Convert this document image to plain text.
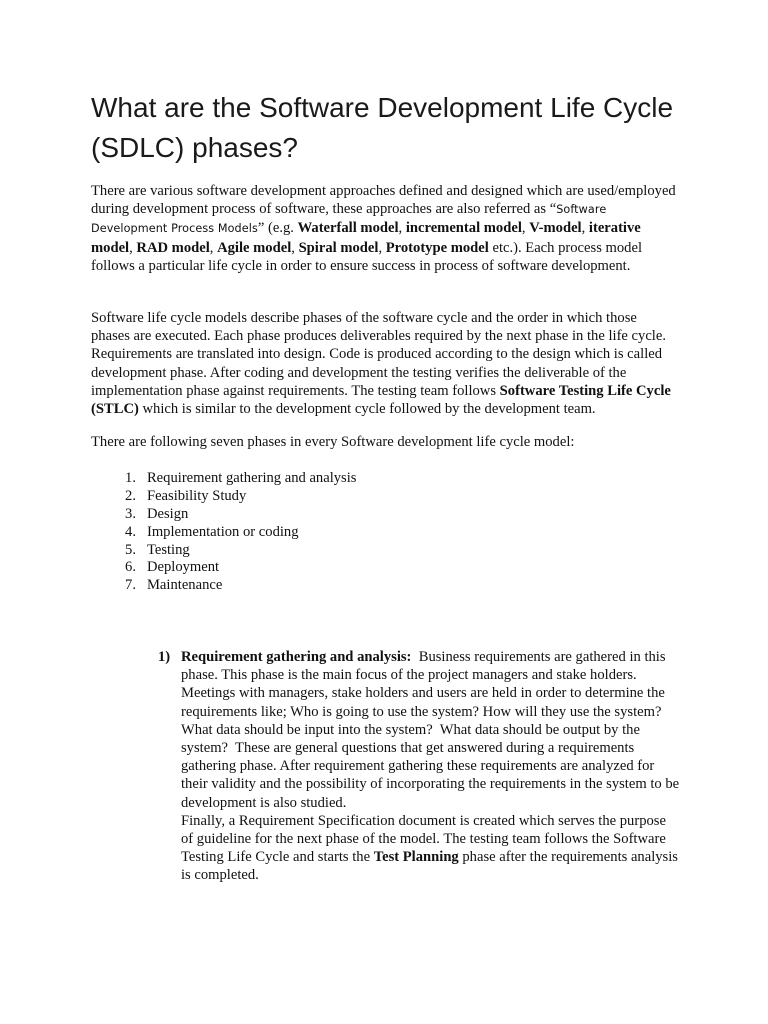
What are the Software Development Life Cycle (SDLC) phases?

There are various software development approaches defined and designed which are used/employed during development process of software, these approaches are also referred as “Software Development Process Models” (e.g. Waterfall model, incremental model, V-model, iterative model, RAD model, Agile model, Spiral model, Prototype model etc.). Each process model follows a particular life cycle in order to ensure success in process of software development.

Software life cycle models describe phases of the software cycle and the order in which those phases are executed. Each phase produces deliverables required by the next phase in the life cycle. Requirements are translated into design. Code is produced according to the design which is called development phase. After coding and development the testing verifies the deliverable of the implementation phase against requirements. The testing team follows Software Testing Life Cycle (STLC) which is similar to the development cycle followed by the development team.

There are following seven phases in every Software development life cycle model:

1. Requirement gathering and analysis
2. Feasibility Study
3. Design
4. Implementation or coding
5. Testing
6. Deployment
7. Maintenance
1) Requirement gathering and analysis:  Business requirements are gathered in this phase. This phase is the main focus of the project managers and stake holders. Meetings with managers, stake holders and users are held in order to determine the requirements like; Who is going to use the system? How will they use the system?  What data should be input into the system?  What data should be output by the system?  These are general questions that get answered during a requirements gathering phase. After requirement gathering these requirements are analyzed for their validity and the possibility of incorporating the requirements in the system to be development is also studied.
Finally, a Requirement Specification document is created which serves the purpose of guideline for the next phase of the model. The testing team follows the Software Testing Life Cycle and starts the Test Planning phase after the requirements analysis is completed.
